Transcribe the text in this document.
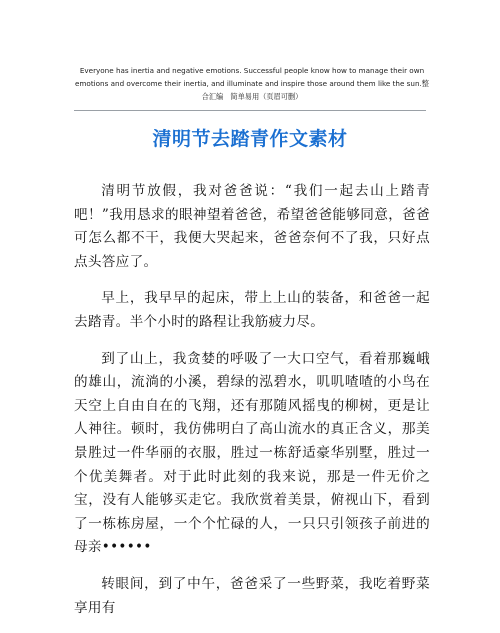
Everyone has inertia and negative emotions. Successful people know how to manage their own emotions and overcome their inertia, and illuminate and inspire those around them like the sun.整合汇编　简单易用（页眉可删）
清明节去踏青作文素材

清明节放假，我对爸爸说：“我们一起去山上踏青吧！”我用恳求的眼神望着爸爸，希望爸爸能够同意，爸爸可怎么都不干，我便大哭起来，爸爸奈何不了我，只好点点头答应了。

早上，我早早的起床，带上上山的装备，和爸爸一起去踏青。半个小时的路程让我筋疲力尽。

到了山上，我贪婪的呼吸了一大口空气，看着那巍峨的雄山，流淌的小溪，碧绿的泓碧水，叽叽喳喳的小鸟在天空上自由自在的飞翔，还有那随风摇曳的柳树，更是让人神往。顿时，我仿佛明白了高山流水的真正含义，那美景胜过一件华丽的衣服，胜过一栋舒适豪华别墅，胜过一个优美舞者。对于此时此刻的我来说，那是一件无价之宝，没有人能够买走它。我欣赏着美景，俯视山下，看到了一栋栋房屋，一个个忙碌的人，一只只引领孩子前进的母亲••••••

转眼间，到了中午，爸爸采了一些野菜，我吃着野菜享用有
